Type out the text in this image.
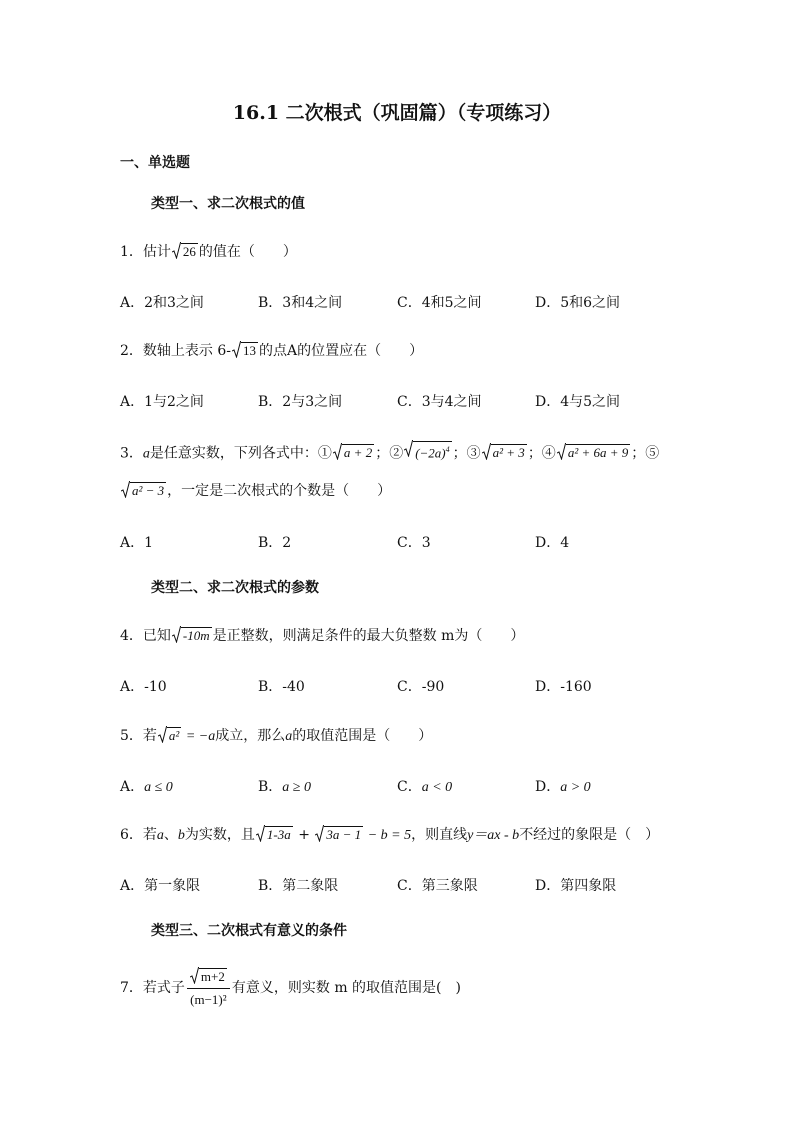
16.1 二次根式（巩固篇）（专项练习）
一、单选题
类型一、求二次根式的值
1．估计 26 的值在（　　）
A．2和3之间	B．3和4之间	C．4和5之间	D．5和6之间
2．数轴上表示 6- 13 的点A的位置应在（　　）
A．1与2之间	B．2与3之间	C．3与4之间	D．4与5之间
3．a是任意实数，下列各式中：① a + 2 ；② $(-2a)^4$ ；③ a² + 3 ；④ a² + 6a + 9 ；⑤
a² − 3 ，一定是二次根式的个数是（　　）
A．1	B．2	C．3	D．4
类型二、求二次根式的参数
4．已知 -10m 是正整数，则满足条件的最大负整数 m为（　　）
A．-10	B．-40	C．-90	D．-160
5．若 a² = −a成立，那么a的取值范围是（　　）
A．a ≤ 0	B．a ≥ 0	C．a < 0	D．a > 0
6．若a、b为实数，且 1-3a +
3a − 1 − b = 5，则直线y＝ax - b不经过的象限是（　）
A．第一象限	B．第二象限	C．第三象限	D．第四象限
类型三、二次根式有意义的条件
7．若式子 $\frac{m+2}{\text{(m−1)²}}$ 有意义，则实数 m 的取值范围是(　)
